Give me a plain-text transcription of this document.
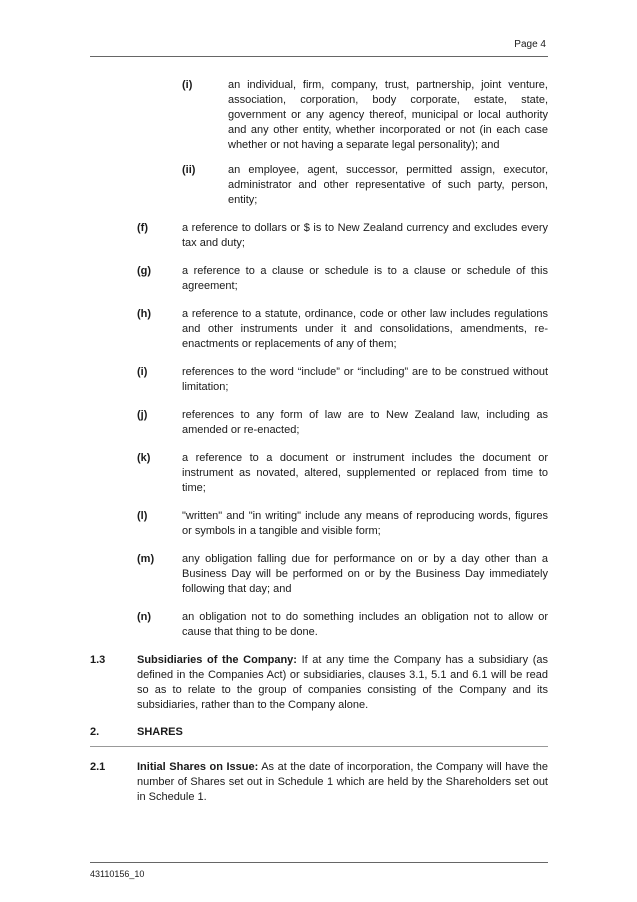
Page 4
(i)	an individual, firm, company, trust, partnership, joint venture, association, corporation, body corporate, estate, state, government or any agency thereof, municipal or local authority and any other entity, whether incorporated or not (in each case whether or not having a separate legal personality); and
(ii)	an employee, agent, successor, permitted assign, executor, administrator and other representative of such party, person, entity;
(f)	a reference to dollars or $ is to New Zealand currency and excludes every tax and duty;
(g)	a reference to a clause or schedule is to a clause or schedule of this agreement;
(h)	a reference to a statute, ordinance, code or other law includes regulations and other instruments under it and consolidations, amendments, re-enactments or replacements of any of them;
(i)	references to the word “include” or “including” are to be construed without limitation;
(j)	references to any form of law are to New Zealand law, including as amended or re-enacted;
(k)	a reference to a document or instrument includes the document or instrument as novated, altered, supplemented or replaced from time to time;
(l)	"written" and "in writing" include any means of reproducing words, figures or symbols in a tangible and visible form;
(m)	any obligation falling due for performance on or by a day other than a Business Day will be performed on or by the Business Day immediately following that day; and
(n)	an obligation not to do something includes an obligation not to allow or cause that thing to be done.
1.3	Subsidiaries of the Company: If at any time the Company has a subsidiary (as defined in the Companies Act) or subsidiaries, clauses 3.1, 5.1 and 6.1 will be read so as to relate to the group of companies consisting of the Company and its subsidiaries, rather than to the Company alone.
2.	SHARES
2.1	Initial Shares on Issue: As at the date of incorporation, the Company will have the number of Shares set out in Schedule 1 which are held by the Shareholders set out in Schedule 1.
43110156_10
